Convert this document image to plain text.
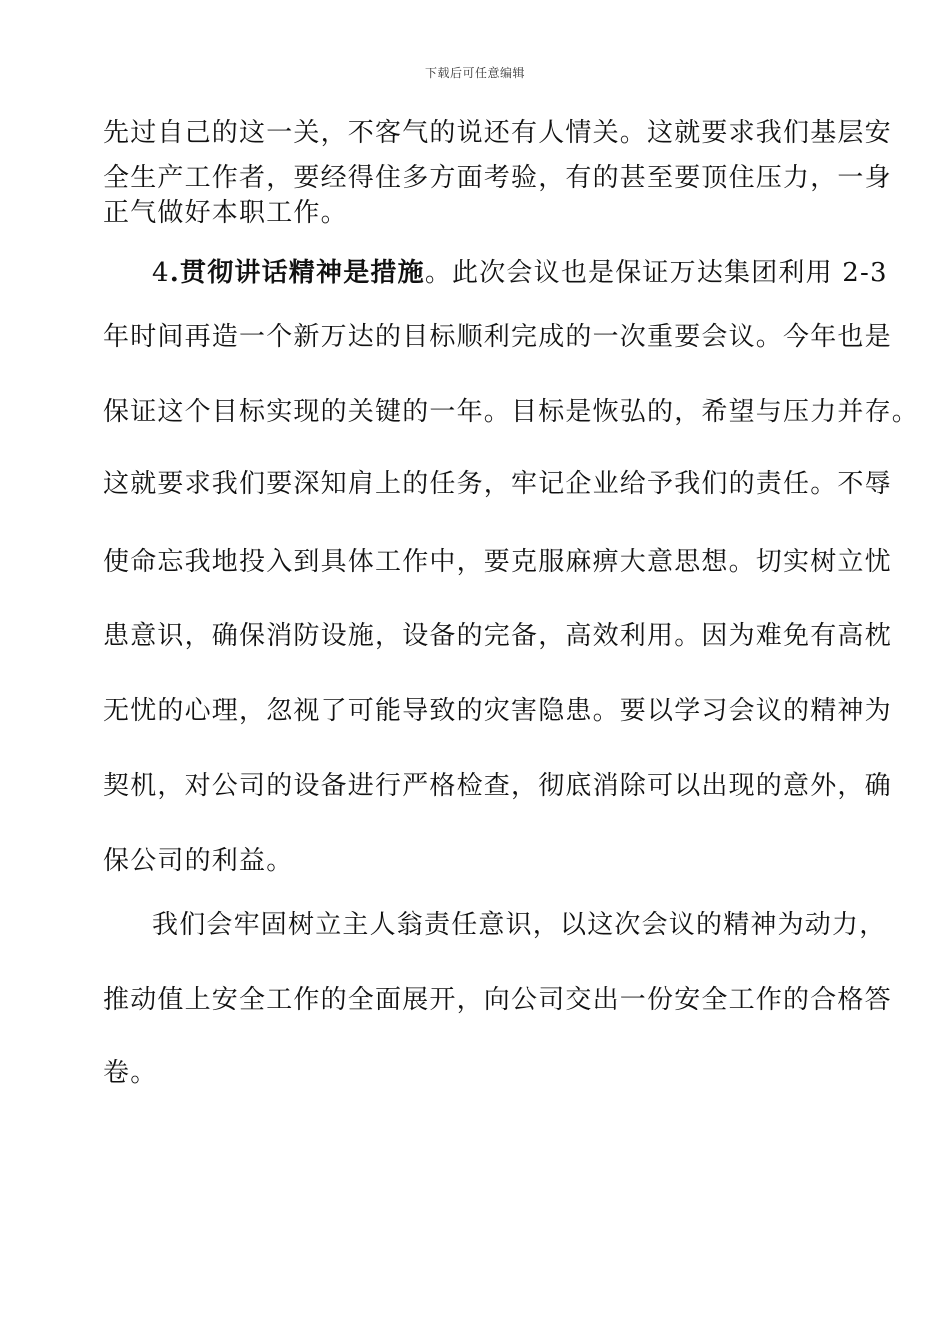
下载后可任意编辑
先过自己的这一关，不客气的说还有人情关。这就要求我们基层安
全生产工作者，要经得住多方面考验，有的甚至要顶住压力，一身
正气做好本职工作。
4.贯彻讲话精神是措施。此次会议也是保证万达集团利用 2-3
年时间再造一个新万达的目标顺利完成的一次重要会议。今年也是
保证这个目标实现的关键的一年。目标是恢弘的，希望与压力并存。
这就要求我们要深知肩上的任务，牢记企业给予我们的责任。不辱
使命忘我地投入到具体工作中，要克服麻痹大意思想。切实树立忧
患意识，确保消防设施，设备的完备，高效利用。因为难免有高枕
无忧的心理，忽视了可能导致的灾害隐患。要以学习会议的精神为
契机，对公司的设备进行严格检查，彻底消除可以出现的意外，确
保公司的利益。
我们会牢固树立主人翁责任意识，以这次会议的精神为动力，
推动值上安全工作的全面展开，向公司交出一份安全工作的合格答
卷。
